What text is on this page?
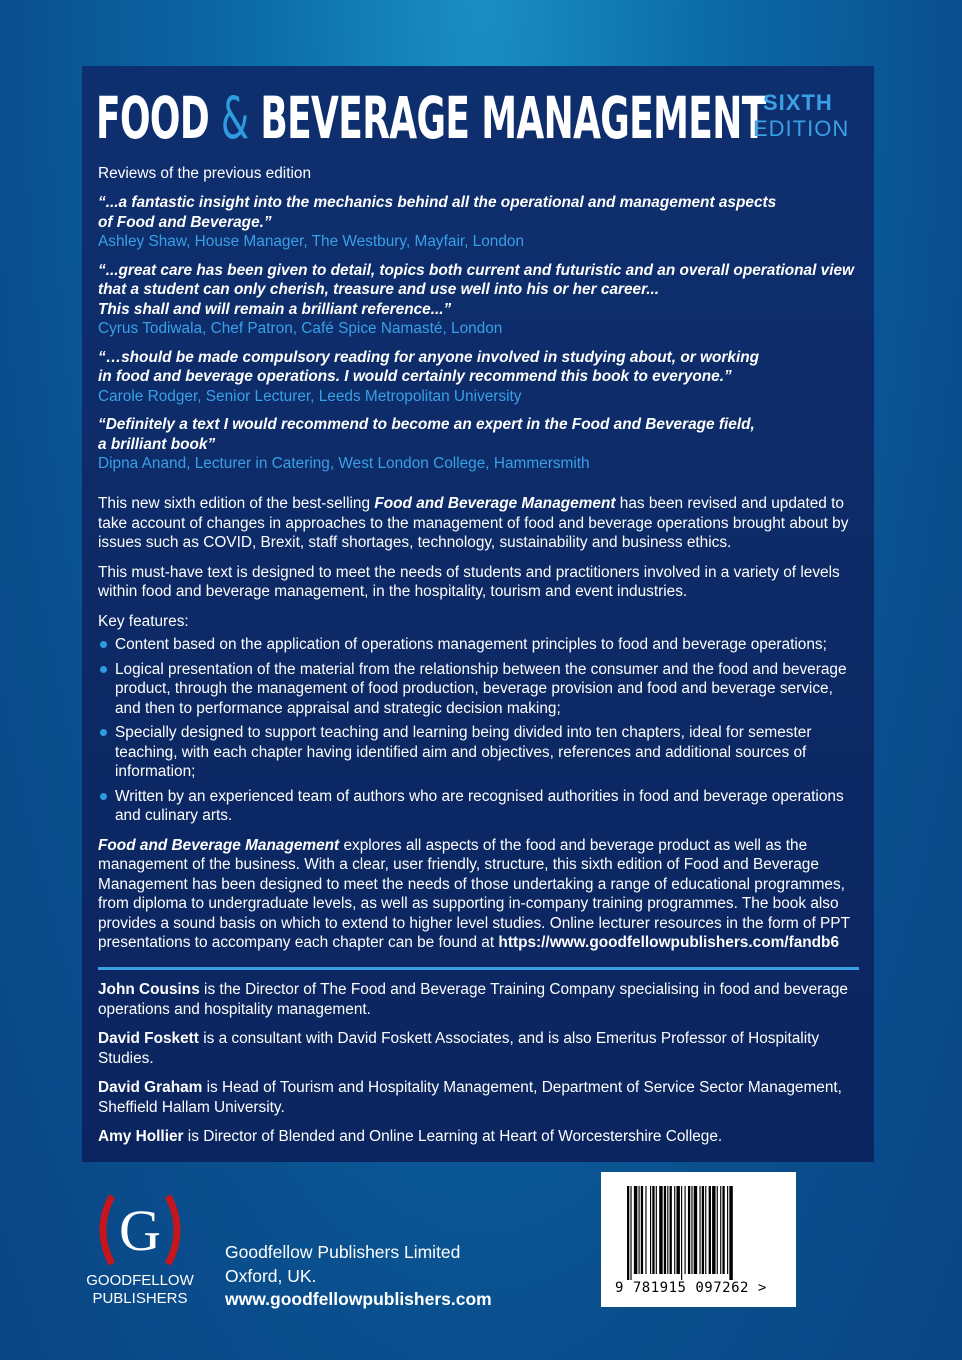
FOOD & BEVERAGE MANAGEMENT
SIXTH
EDITION
Reviews of the previous edition
“...a fantastic insight into the mechanics behind all the operational and management aspects
of Food and Beverage.”
Ashley Shaw, House Manager, The Westbury, Mayfair, London
“...great care has been given to detail, topics both current and futuristic and an overall operational view
that a student can only cherish, treasure and use well into his or her career...
This shall and will remain a brilliant reference...”
Cyrus Todiwala, Chef Patron, Café Spice Namasté, London
“…should be made compulsory reading for anyone involved in studying about, or working
in food and beverage operations. I would certainly recommend this book to everyone.”
Carole Rodger, Senior Lecturer, Leeds Metropolitan University
“Definitely a text I would recommend to become an expert in the Food and Beverage field,
a brilliant book”
Dipna Anand, Lecturer in Catering, West London College, Hammersmith

This new sixth edition of the best-selling Food and Beverage Management has been revised and updated to take account of changes in approaches to the management of food and beverage operations brought about by issues such as COVID, Brexit, staff shortages, technology, sustainability and business ethics.

This must-have text is designed to meet the needs of students and practitioners involved in a variety of levels within food and beverage management, in the hospitality, tourism and event industries.

Key features:
Content based on the application of operations management principles to food and beverage operations;
Logical presentation of the material from the relationship between the consumer and the food and beverage product, through the management of food production, beverage provision and food and beverage service, and then to performance appraisal and strategic decision making;
Specially designed to support teaching and learning being divided into ten chapters, ideal for semester teaching, with each chapter having identified aim and objectives, references and additional sources of information;
Written by an experienced team of authors who are recognised authorities in food and beverage operations and culinary arts.

Food and Beverage Management explores all aspects of the food and beverage product as well as the management of the business. With a clear, user friendly, structure, this sixth edition of Food and Beverage Management has been designed to meet the needs of those undertaking a range of educational programmes, from diploma to undergraduate levels, as well as supporting in-company training programmes. The book also provides a sound basis on which to extend to higher level studies. Online lecturer resources in the form of PPT presentations to accompany each chapter can be found at https://www.goodfellowpublishers.com/fandb6

John Cousins is the Director of The Food and Beverage Training Company specialising in food and beverage operations and hospitality management.

David Foskett is a consultant with David Foskett Associates, and is also Emeritus Professor of Hospitality Studies.

David Graham is Head of Tourism and Hospitality Management, Department of Service Sector Management, Sheffield Hallam University.

Amy Hollier is Director of Blended and Online Learning at Heart of Worcestershire College.

G
GOODFELLOW
PUBLISHERS
Goodfellow Publishers Limited
Oxford, UK.
www.goodfellowpublishers.com
9 781915 097262 >
